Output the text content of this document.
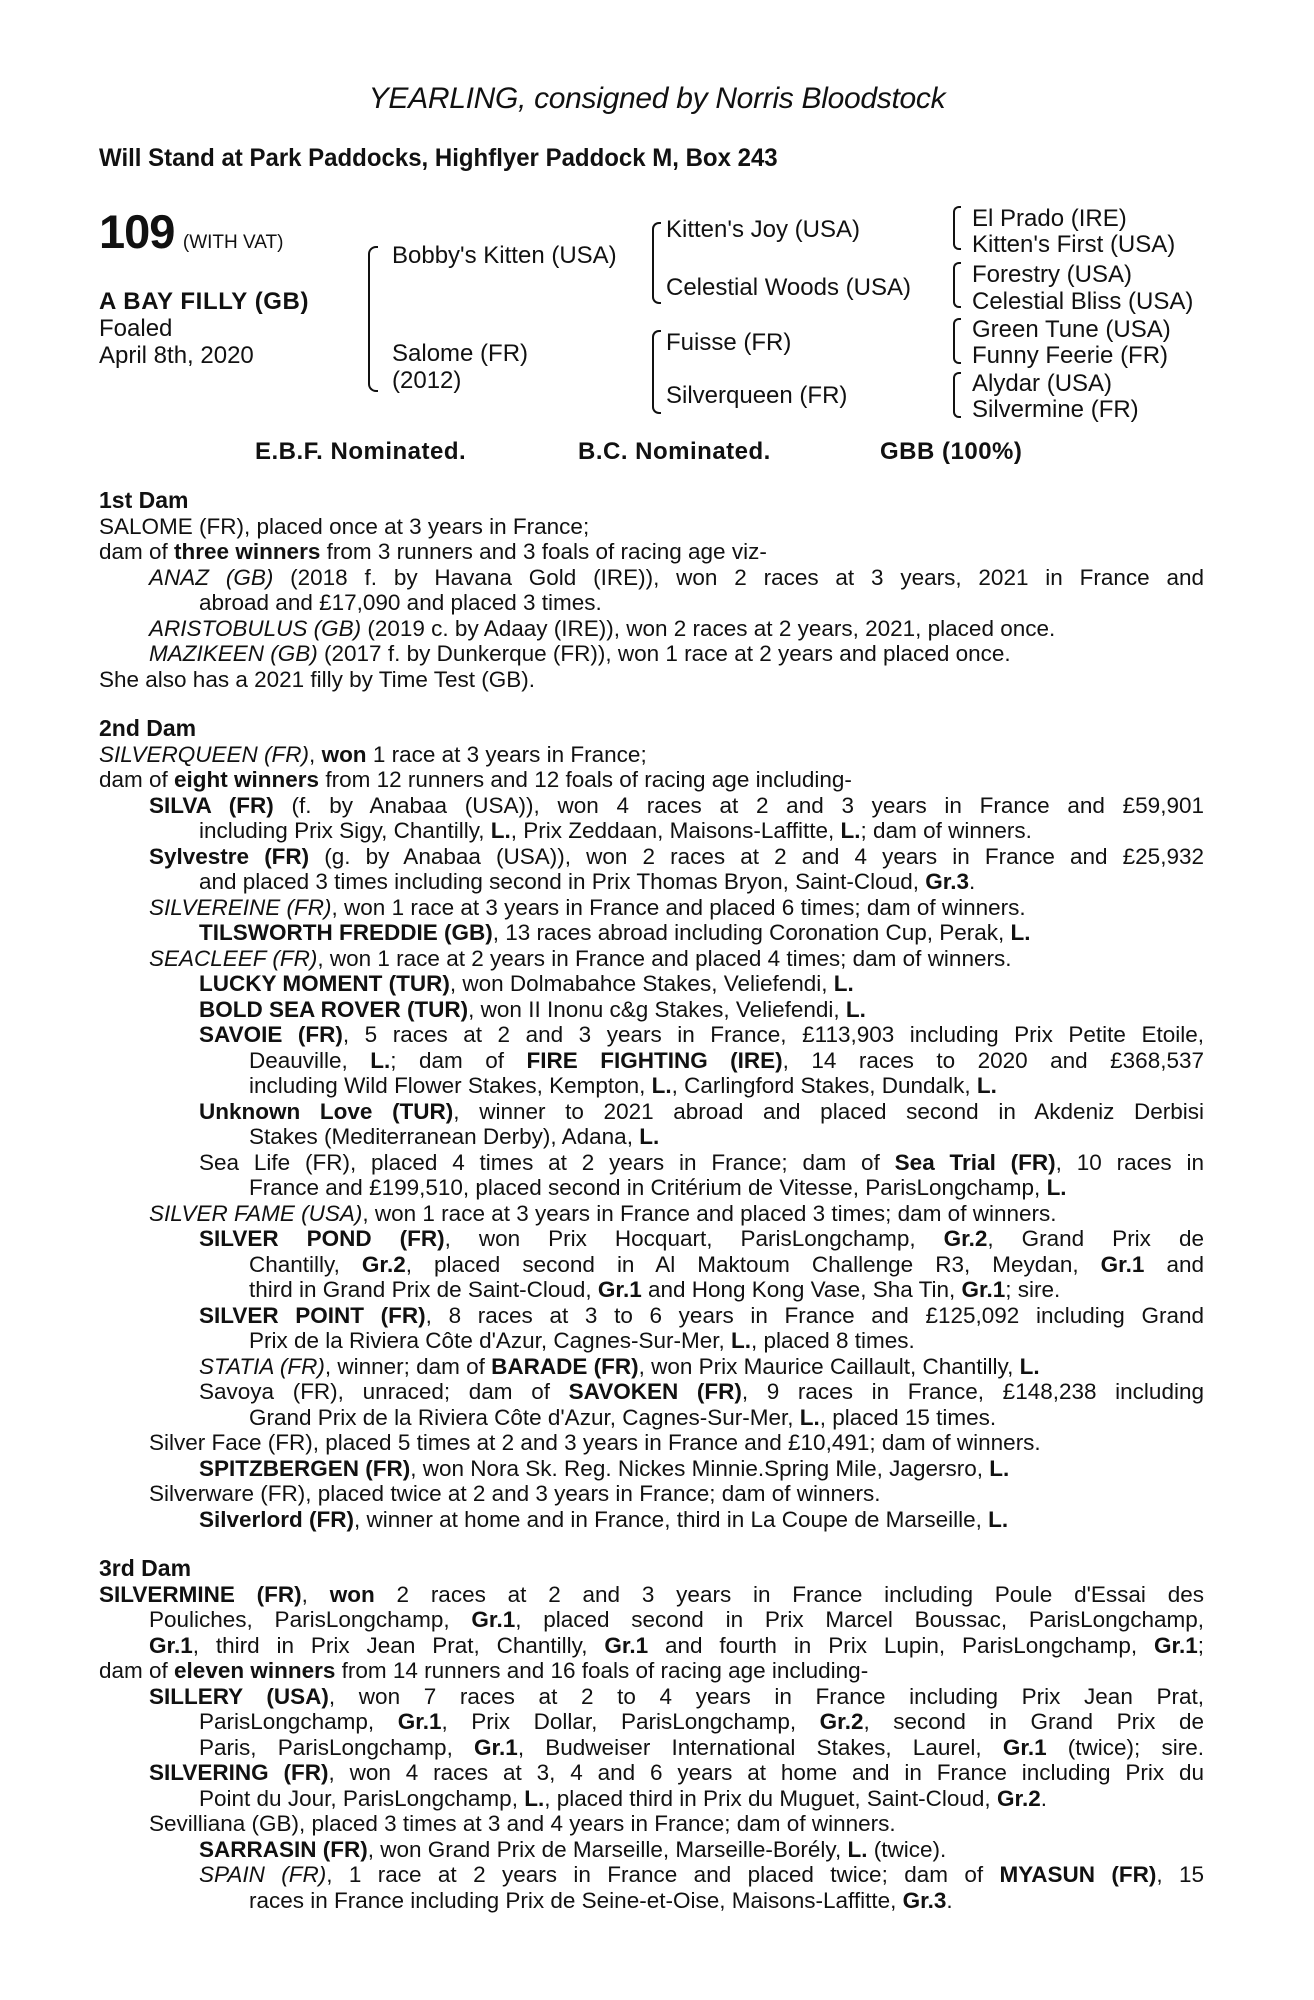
YEARLING, consigned by Norris Bloodstock
Will Stand at Park Paddocks, Highflyer Paddock M, Box 243
109 (WITH VAT)
A BAY FILLY (GB)
Foaled
April 8th, 2020
Bobby's Kitten (USA)
Salome (FR)
(2012)
Kitten's Joy (USA)
Celestial Woods (USA)
Fuisse (FR)
Silverqueen (FR)
El Prado (IRE)
Kitten's First (USA)
Forestry (USA)
Celestial Bliss (USA)
Green Tune (USA)
Funny Feerie (FR)
Alydar (USA)
Silvermine (FR)
E.B.F. Nominated.	B.C. Nominated.	GBB (100%)
1st Dam
SALOME (FR), placed once at 3 years in France;
dam of three winners from 3 runners and 3 foals of racing age viz-
ANAZ (GB) (2018 f. by Havana Gold (IRE)), won 2 races at 3 years, 2021 in France and
abroad and £17,090 and placed 3 times.
ARISTOBULUS (GB) (2019 c. by Adaay (IRE)), won 2 races at 2 years, 2021, placed once.
MAZIKEEN (GB) (2017 f. by Dunkerque (FR)), won 1 race at 2 years and placed once.
She also has a 2021 filly by Time Test (GB).
2nd Dam
SILVERQUEEN (FR), won 1 race at 3 years in France;
dam of eight winners from 12 runners and 12 foals of racing age including-
SILVA (FR) (f. by Anabaa (USA)), won 4 races at 2 and 3 years in France and £59,901
including Prix Sigy, Chantilly, L., Prix Zeddaan, Maisons-Laffitte, L.; dam of winners.
Sylvestre (FR) (g. by Anabaa (USA)), won 2 races at 2 and 4 years in France and £25,932
and placed 3 times including second in Prix Thomas Bryon, Saint-Cloud, Gr.3.
SILVEREINE (FR), won 1 race at 3 years in France and placed 6 times; dam of winners.
TILSWORTH FREDDIE (GB), 13 races abroad including Coronation Cup, Perak, L.
SEACLEEF (FR), won 1 race at 2 years in France and placed 4 times; dam of winners.
LUCKY MOMENT (TUR), won Dolmabahce Stakes, Veliefendi, L.
BOLD SEA ROVER (TUR), won II Inonu c&g Stakes, Veliefendi, L.
SAVOIE (FR), 5 races at 2 and 3 years in France, £113,903 including Prix Petite Etoile,
Deauville, L.; dam of FIRE FIGHTING (IRE), 14 races to 2020 and £368,537
including Wild Flower Stakes, Kempton, L., Carlingford Stakes, Dundalk, L.
Unknown Love (TUR), winner to 2021 abroad and placed second in Akdeniz Derbisi
Stakes (Mediterranean Derby), Adana, L.
Sea Life (FR), placed 4 times at 2 years in France; dam of Sea Trial (FR), 10 races in
France and £199,510, placed second in Critérium de Vitesse, ParisLongchamp, L.
SILVER FAME (USA), won 1 race at 3 years in France and placed 3 times; dam of winners.
SILVER POND (FR), won Prix Hocquart, ParisLongchamp, Gr.2, Grand Prix de
Chantilly, Gr.2, placed second in Al Maktoum Challenge R3, Meydan, Gr.1 and
third in Grand Prix de Saint-Cloud, Gr.1 and Hong Kong Vase, Sha Tin, Gr.1; sire.
SILVER POINT (FR), 8 races at 3 to 6 years in France and £125,092 including Grand
Prix de la Riviera Côte d'Azur, Cagnes-Sur-Mer, L., placed 8 times.
STATIA (FR), winner; dam of BARADE (FR), won Prix Maurice Caillault, Chantilly, L.
Savoya (FR), unraced; dam of SAVOKEN (FR), 9 races in France, £148,238 including
Grand Prix de la Riviera Côte d'Azur, Cagnes-Sur-Mer, L., placed 15 times.
Silver Face (FR), placed 5 times at 2 and 3 years in France and £10,491; dam of winners.
SPITZBERGEN (FR), won Nora Sk. Reg. Nickes Minnie.Spring Mile, Jagersro, L.
Silverware (FR), placed twice at 2 and 3 years in France; dam of winners.
Silverlord (FR), winner at home and in France, third in La Coupe de Marseille, L.
3rd Dam
SILVERMINE (FR), won 2 races at 2 and 3 years in France including Poule d'Essai des
Pouliches, ParisLongchamp, Gr.1, placed second in Prix Marcel Boussac, ParisLongchamp,
Gr.1, third in Prix Jean Prat, Chantilly, Gr.1 and fourth in Prix Lupin, ParisLongchamp, Gr.1;
dam of eleven winners from 14 runners and 16 foals of racing age including-
SILLERY (USA), won 7 races at 2 to 4 years in France including Prix Jean Prat,
ParisLongchamp, Gr.1, Prix Dollar, ParisLongchamp, Gr.2, second in Grand Prix de
Paris, ParisLongchamp, Gr.1, Budweiser International Stakes, Laurel, Gr.1 (twice); sire.
SILVERING (FR), won 4 races at 3, 4 and 6 years at home and in France including Prix du
Point du Jour, ParisLongchamp, L., placed third in Prix du Muguet, Saint-Cloud, Gr.2.
Sevilliana (GB), placed 3 times at 3 and 4 years in France; dam of winners.
SARRASIN (FR), won Grand Prix de Marseille, Marseille-Borély, L. (twice).
SPAIN (FR), 1 race at 2 years in France and placed twice; dam of MYASUN (FR), 15
races in France including Prix de Seine-et-Oise, Maisons-Laffitte, Gr.3.
